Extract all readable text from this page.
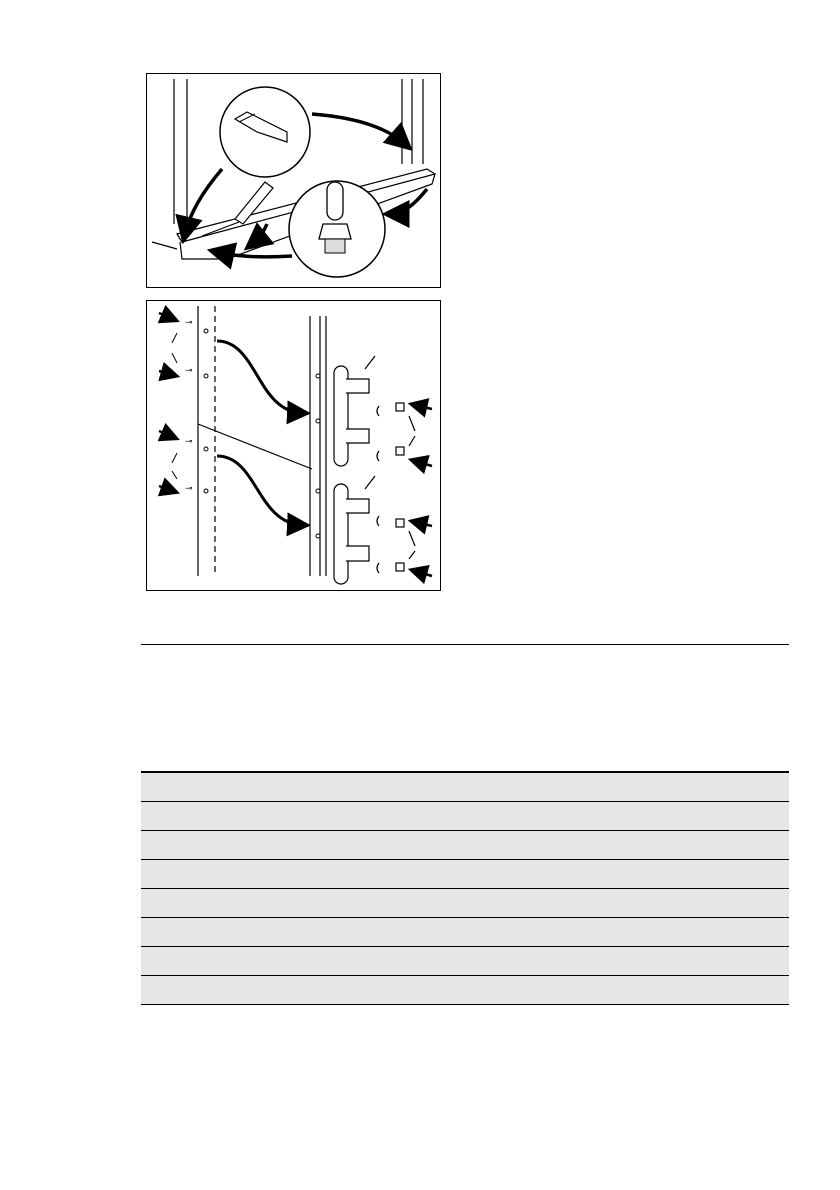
⊸
⊸
⊸
⊸
